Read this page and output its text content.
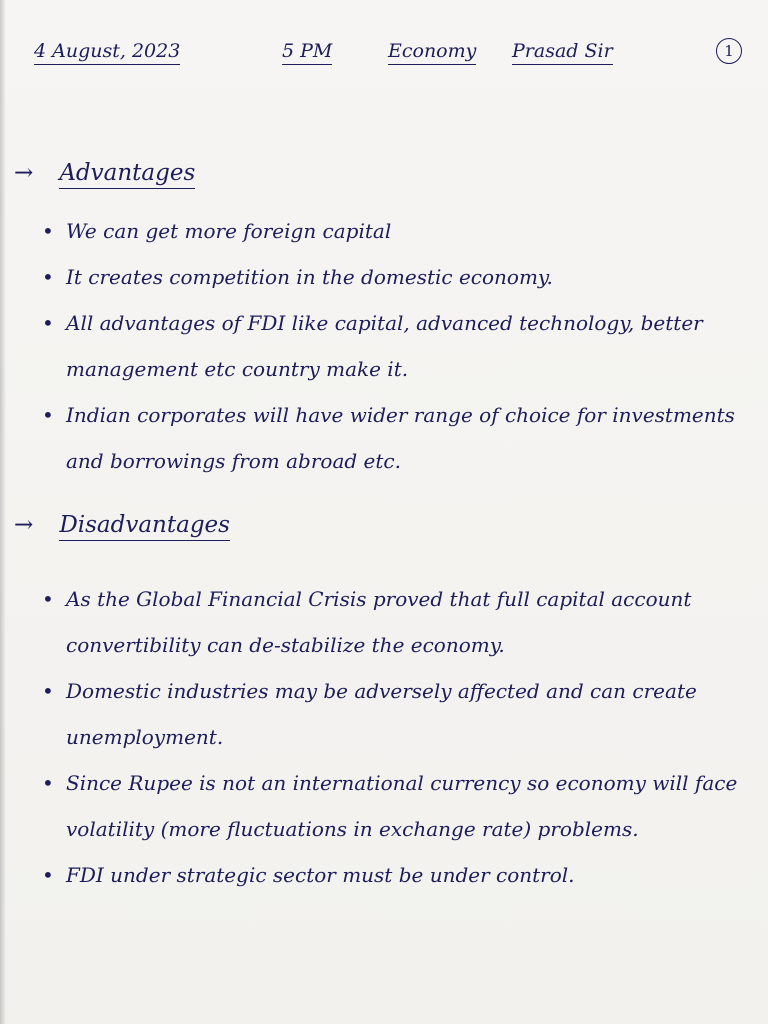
4 August, 2023	5 PM	Economy Prasad Sir	1
→ Advantages
• We can get more foreign capital
• It creates competition in the domestic economy.
• All advantages of FDI like capital, advanced technology, better management etc country make it.
• Indian corporates will have wider range of choice for investments and borrowings from abroad etc.
→ Disadvantages
• As the Global Financial Crisis proved that full capital account convertibility can de-stabilize the economy.
• Domestic industries may be adversely affected and can create unemployment.
• Since Rupee is not an international currency so economy will face volatility (more fluctuations in exchange rate) problems.
• FDI under strategic sector must be under control.
